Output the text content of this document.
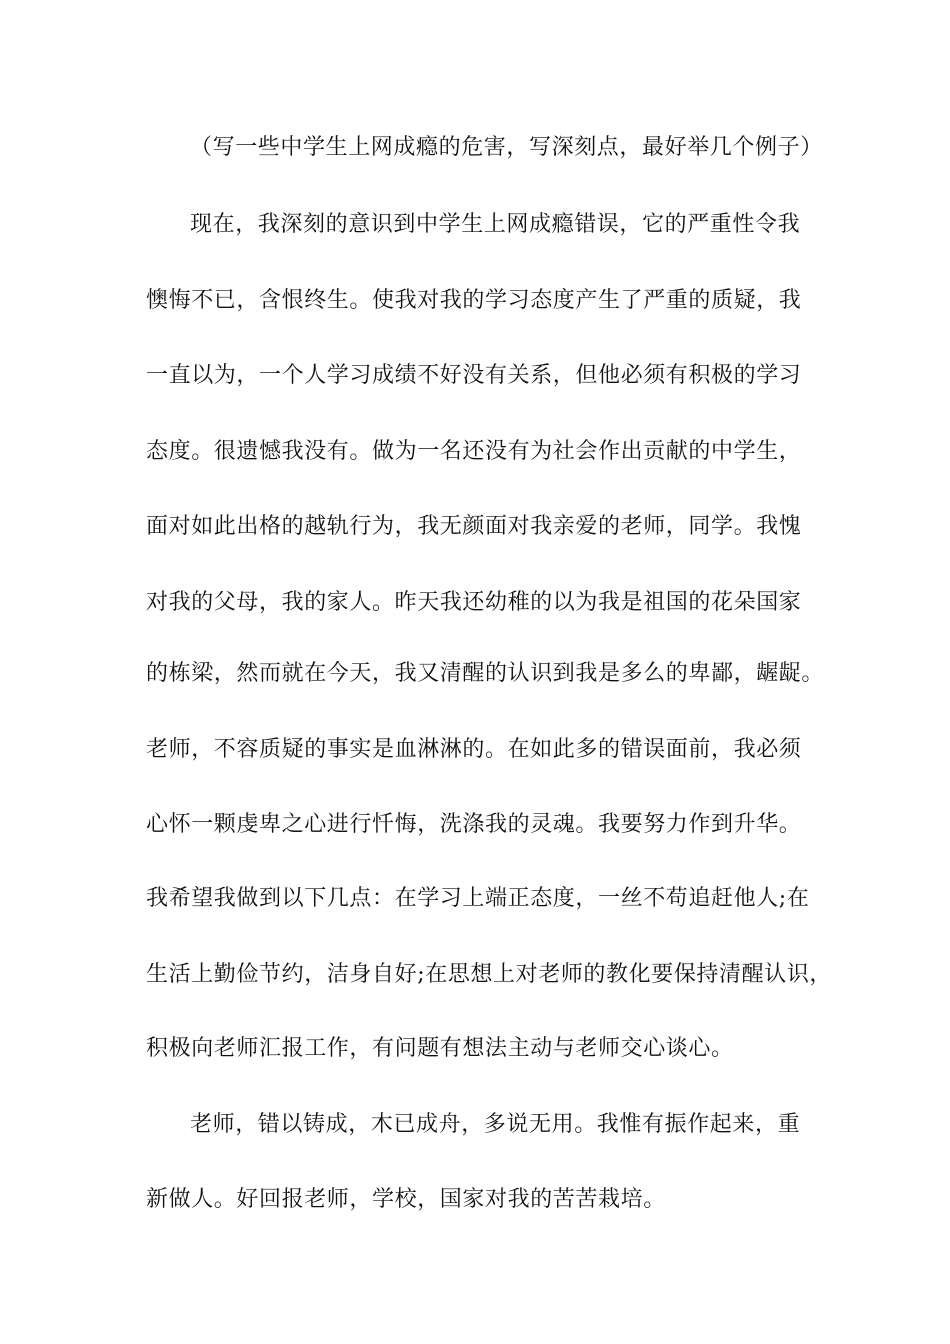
（写一些中学生上网成瘾的危害，写深刻点，最好举几个例子）
现在，我深刻的意识到中学生上网成瘾错误，它的严重性令我
懊悔不已，含恨终生。使我对我的学习态度产生了严重的质疑，我
一直以为，一个人学习成绩不好没有关系，但他必须有积极的学习
态度。很遗憾我没有。做为一名还没有为社会作出贡献的中学生，
面对如此出格的越轨行为，我无颜面对我亲爱的老师，同学。我愧
对我的父母，我的家人。昨天我还幼稚的以为我是祖国的花朵国家
的栋梁，然而就在今天，我又清醒的认识到我是多么的卑鄙，龌龊。
老师，不容质疑的事实是血淋淋的。在如此多的错误面前，我必须
心怀一颗虔卑之心进行忏悔，洗涤我的灵魂。我要努力作到升华。
我希望我做到以下几点：在学习上端正态度，一丝不苟追赶他人;在
生活上勤俭节约，洁身自好;在思想上对老师的教化要保持清醒认识，
积极向老师汇报工作，有问题有想法主动与老师交心谈心。
老师，错以铸成，木已成舟，多说无用。我惟有振作起来，重
新做人。好回报老师，学校，国家对我的苦苦栽培。
